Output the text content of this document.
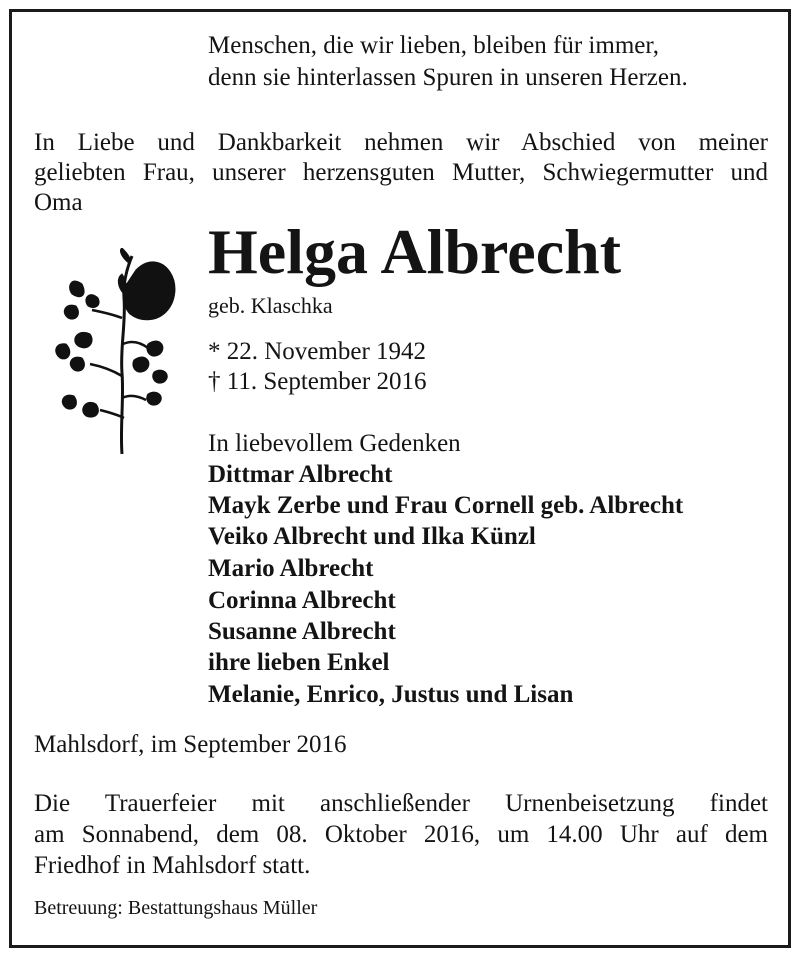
Menschen, die wir lieben, bleiben für immer,
denn sie hinterlassen Spuren in unseren Herzen.
In Liebe und Dankbarkeit nehmen wir Abschied von meiner
geliebten Frau, unserer herzensguten Mutter, Schwiegermutter und
Oma
Helga Albrecht
geb. Klaschka
* 22. November 1942
† 11. September 2016
In liebevollem Gedenken
Dittmar Albrecht
Mayk Zerbe und Frau Cornell geb. Albrecht
Veiko Albrecht und Ilka Künzl
Mario Albrecht
Corinna Albrecht
Susanne Albrecht
ihre lieben Enkel
Melanie, Enrico, Justus und Lisan
Mahlsdorf, im September 2016
Die Trauerfeier mit anschließender Urnenbeisetzung findet
am Sonnabend, dem 08. Oktober 2016, um 14.00 Uhr auf dem
Friedhof in Mahlsdorf statt.
Betreuung: Bestattungshaus Müller
